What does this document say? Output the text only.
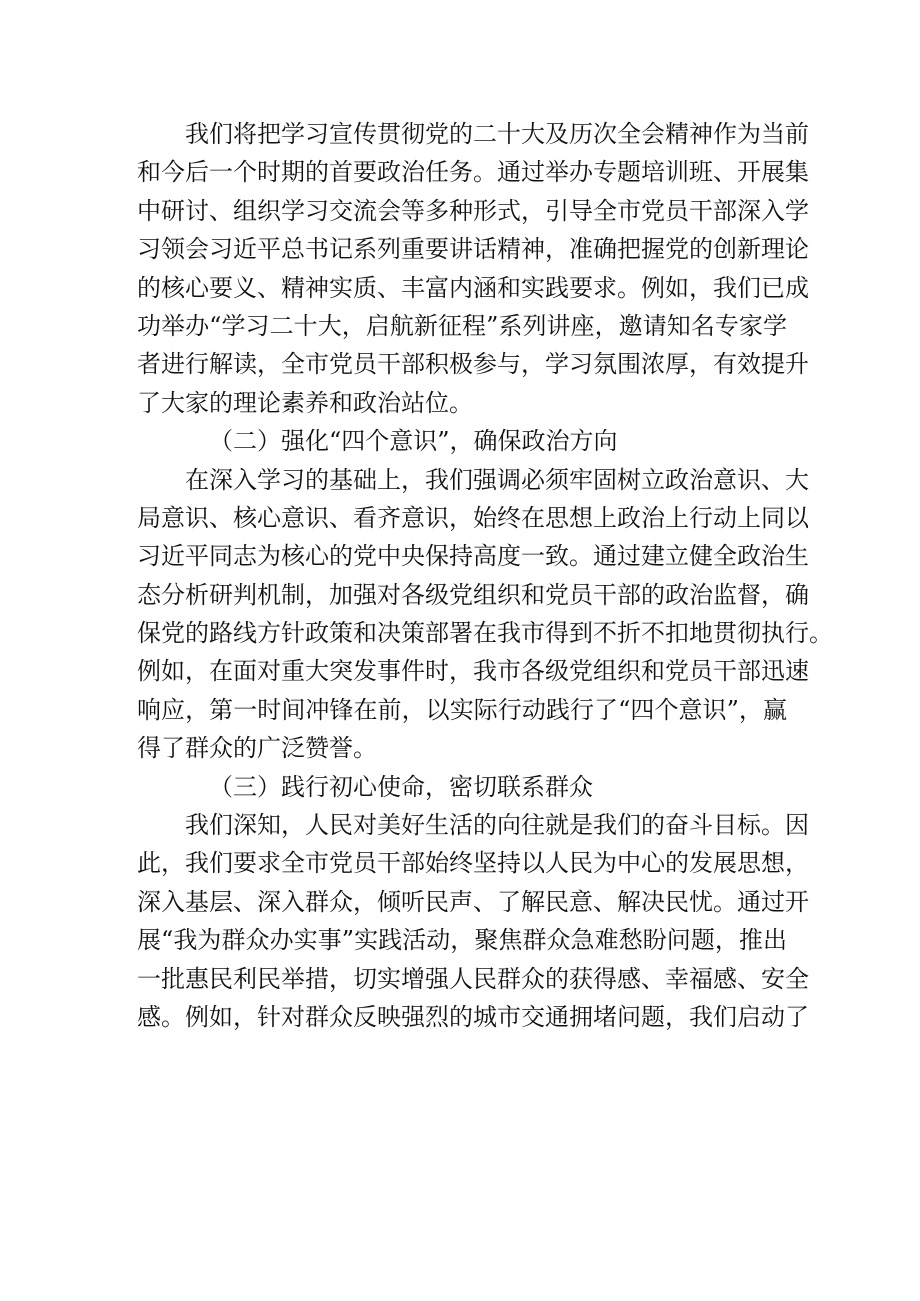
我们将把学习宣传贯彻党的二十大及历次全会精神作为当前
和今后一个时期的首要政治任务。通过举办专题培训班、开展集
中研讨、组织学习交流会等多种形式，引导全市党员干部深入学
习领会习近平总书记系列重要讲话精神，准确把握党的创新理论
的核心要义、精神实质、丰富内涵和实践要求。例如，我们已成
功举办“学习二十大，启航新征程”系列讲座，邀请知名专家学
者进行解读，全市党员干部积极参与，学习氛围浓厚，有效提升
了大家的理论素养和政治站位。
（二）强化“四个意识”，确保政治方向
在深入学习的基础上，我们强调必须牢固树立政治意识、大
局意识、核心意识、看齐意识，始终在思想上政治上行动上同以
习近平同志为核心的党中央保持高度一致。通过建立健全政治生
态分析研判机制，加强对各级党组织和党员干部的政治监督，确
保党的路线方针政策和决策部署在我市得到不折不扣地贯彻执行。
例如，在面对重大突发事件时，我市各级党组织和党员干部迅速
响应，第一时间冲锋在前，以实际行动践行了“四个意识”，赢
得了群众的广泛赞誉。
（三）践行初心使命，密切联系群众
我们深知，人民对美好生活的向往就是我们的奋斗目标。因
此，我们要求全市党员干部始终坚持以人民为中心的发展思想，
深入基层、深入群众，倾听民声、了解民意、解决民忧。通过开
展“我为群众办实事”实践活动，聚焦群众急难愁盼问题，推出
一批惠民利民举措，切实增强人民群众的获得感、幸福感、安全
感。例如，针对群众反映强烈的城市交通拥堵问题，我们启动了
